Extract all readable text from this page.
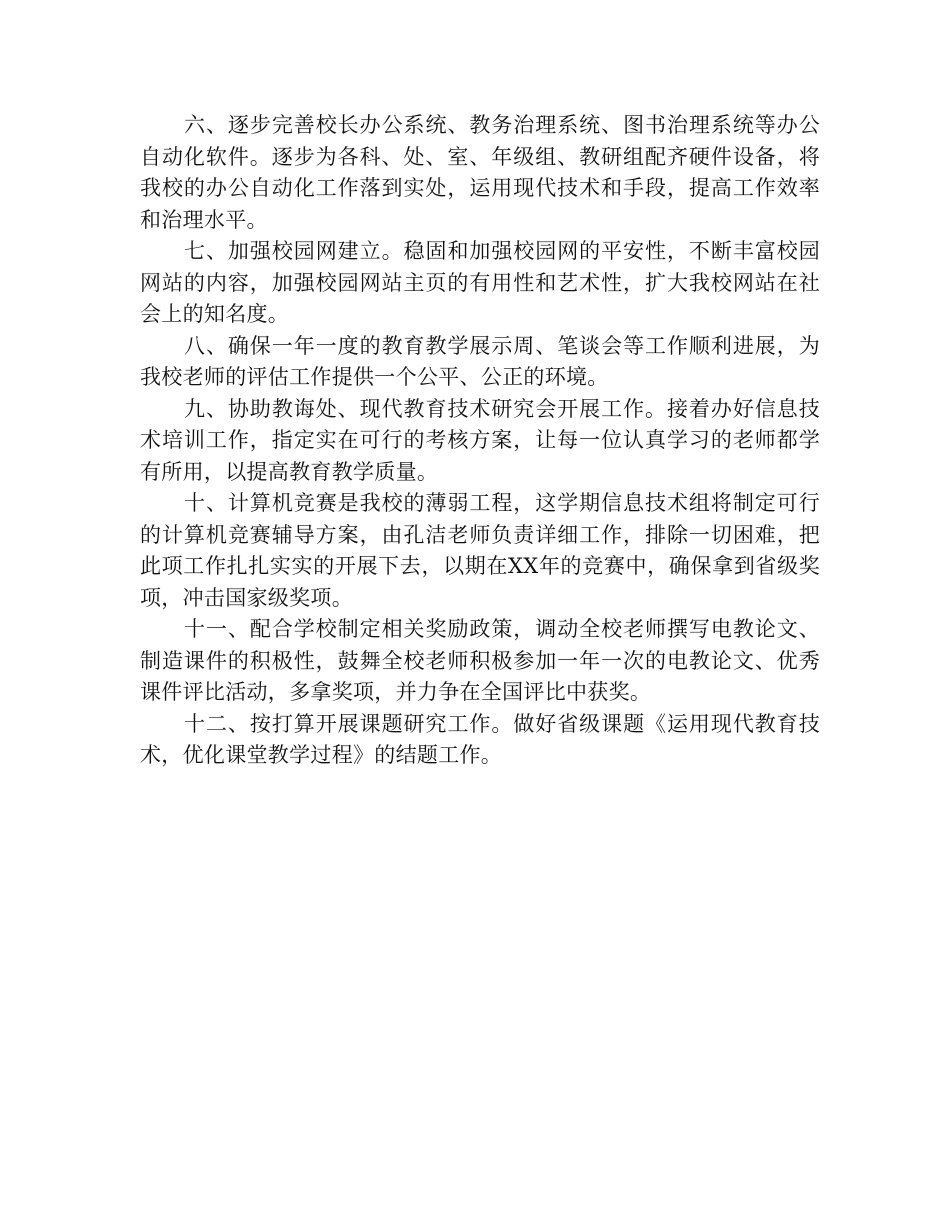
六、逐步完善校长办公系统、教务治理系统、图书治理系统等办公自动化软件。逐步为各科、处、室、年级组、教研组配齐硬件设备，将我校的办公自动化工作落到实处，运用现代技术和手段，提高工作效率和治理水平。

七、加强校园网建立。稳固和加强校园网的平安性，不断丰富校园网站的内容，加强校园网站主页的有用性和艺术性，扩大我校网站在社会上的知名度。

八、确保一年一度的教育教学展示周、笔谈会等工作顺利进展，为我校老师的评估工作提供一个公平、公正的环境。

九、协助教诲处、现代教育技术研究会开展工作。接着办好信息技术培训工作，指定实在可行的考核方案，让每一位认真学习的老师都学有所用，以提高教育教学质量。

十、计算机竞赛是我校的薄弱工程，这学期信息技术组将制定可行的计算机竞赛辅导方案，由孔洁老师负责详细工作，排除一切困难，把此项工作扎扎实实的开展下去，以期在XX年的竞赛中，确保拿到省级奖项，冲击国家级奖项。

十一、配合学校制定相关奖励政策，调动全校老师撰写电教论文、制造课件的积极性，鼓舞全校老师积极参加一年一次的电教论文、优秀课件评比活动，多拿奖项，并力争在全国评比中获奖。

十二、按打算开展课题研究工作。做好省级课题《运用现代教育技术，优化课堂教学过程》的结题工作。
